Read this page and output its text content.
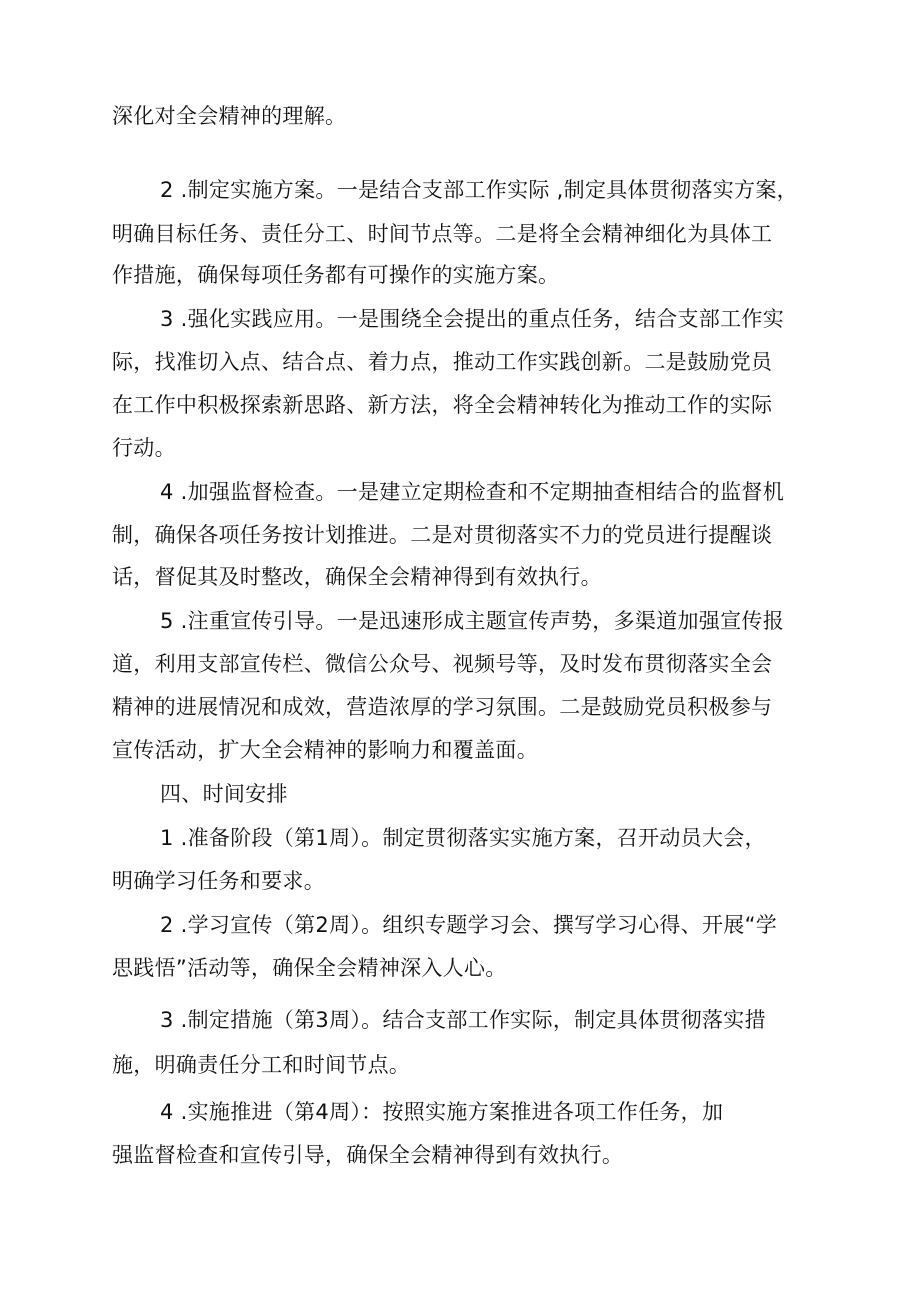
深化对全会精神的理解。
2 .制定实施方案。一是结合支部工作实际 ,制定具体贯彻落实方案，
明确目标任务、责任分工、时间节点等。二是将全会精神细化为具体工
作措施，确保每项任务都有可操作的实施方案。
3 .强化实践应用。一是围绕全会提出的重点任务，结合支部工作实
际，找准切入点、结合点、着力点，推动工作实践创新。二是鼓励党员
在工作中积极探索新思路、新方法，将全会精神转化为推动工作的实际
行动。
4 .加强监督检查。一是建立定期检查和不定期抽查相结合的监督机
制，确保各项任务按计划推进。二是对贯彻落实不力的党员进行提醒谈
话，督促其及时整改，确保全会精神得到有效执行。
5 .注重宣传引导。一是迅速形成主题宣传声势，多渠道加强宣传报
道，利用支部宣传栏、微信公众号、视频号等，及时发布贯彻落实全会
精神的进展情况和成效，营造浓厚的学习氛围。二是鼓励党员积极参与
宣传活动，扩大全会精神的影响力和覆盖面。
四、时间安排
1 .准备阶段（第1周）。制定贯彻落实实施方案，召开动员大会，
明确学习任务和要求。
2 .学习宣传（第2周）。组织专题学习会、撰写学习心得、开展“学
思践悟”活动等，确保全会精神深入人心。
3 .制定措施（第3周）。结合支部工作实际，制定具体贯彻落实措
施，明确责任分工和时间节点。
4 .实施推进（第4周）：按照实施方案推进各项工作任务，加
强监督检查和宣传引导，确保全会精神得到有效执行。
